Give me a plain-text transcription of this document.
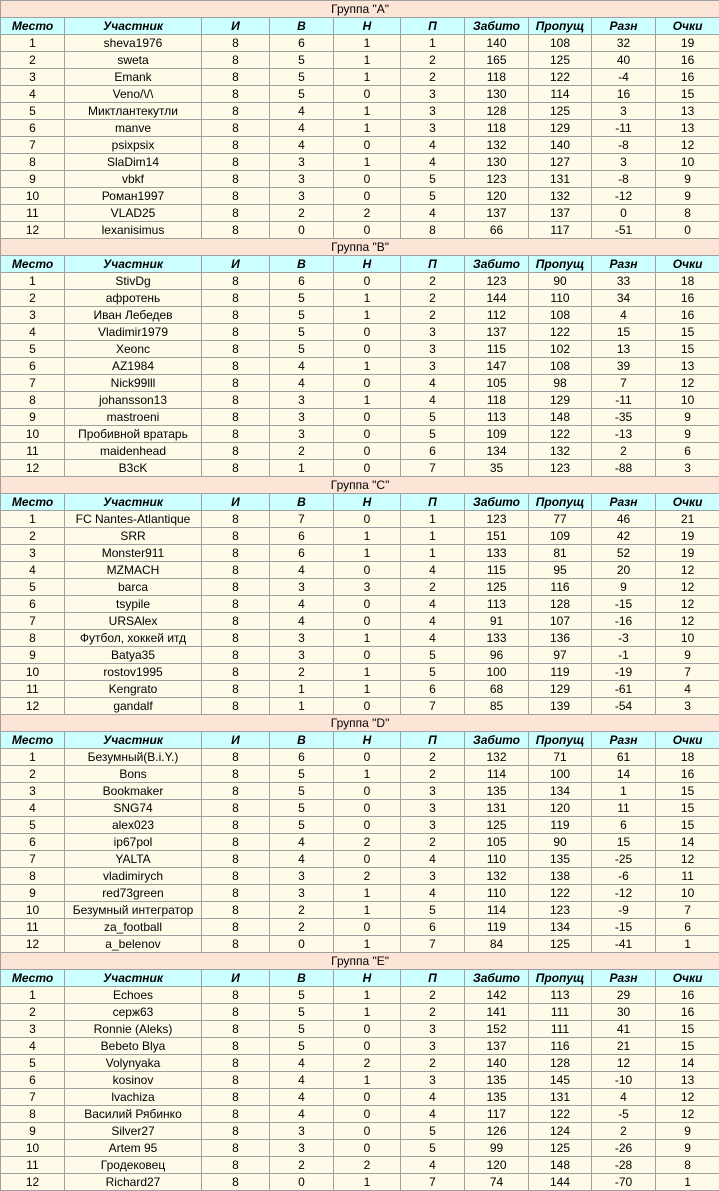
Группа "A"									
Место	Участник	И	В	Н	П	Забито	Пропущ	Разн	Очки
1	sheva1976	8	6	1	1	140	108	32	19
2	sweta	8	5	1	2	165	125	40	16
3	Emank	8	5	1	2	118	122	-4	16
4	Veno/\/\	8	5	0	3	130	114	16	15
5	Миктлантекутли	8	4	1	3	128	125	3	13
6	manve	8	4	1	3	118	129	-11	13
7	psixpsix	8	4	0	4	132	140	-8	12
8	SlaDim14	8	3	1	4	130	127	3	10
9	vbkf	8	3	0	5	123	131	-8	9
10	Роман1997	8	3	0	5	120	132	-12	9
11	VLAD25	8	2	2	4	137	137	0	8
12	lexanisimus	8	0	0	8	66	117	-51	0
Группа "B"									
Место	Участник	И	В	Н	П	Забито	Пропущ	Разн	Очки
1	StivDg	8	6	0	2	123	90	33	18
2	афротень	8	5	1	2	144	110	34	16
3	Иван Лебедев	8	5	1	2	112	108	4	16
4	Vladimir1979	8	5	0	3	137	122	15	15
5	Xeonc	8	5	0	3	115	102	13	15
6	AZ1984	8	4	1	3	147	108	39	13
7	Nick99lll	8	4	0	4	105	98	7	12
8	johansson13	8	3	1	4	118	129	-11	10
9	mastroeni	8	3	0	5	113	148	-35	9
10	Пробивной вратарь	8	3	0	5	109	122	-13	9
11	maidenhead	8	2	0	6	134	132	2	6
12	B3cK	8	1	0	7	35	123	-88	3
Группа "C"									
Место	Участник	И	В	Н	П	Забито	Пропущ	Разн	Очки
1	FC Nantes-Atlantique	8	7	0	1	123	77	46	21
2	SRR	8	6	1	1	151	109	42	19
3	Monster911	8	6	1	1	133	81	52	19
4	MZMACH	8	4	0	4	115	95	20	12
5	barca	8	3	3	2	125	116	9	12
6	tsypile	8	4	0	4	113	128	-15	12
7	URSAlex	8	4	0	4	91	107	-16	12
8	Футбол, хоккей итд	8	3	1	4	133	136	-3	10
9	Batya35	8	3	0	5	96	97	-1	9
10	rostov1995	8	2	1	5	100	119	-19	7
11	Kengrato	8	1	1	6	68	129	-61	4
12	gandalf	8	1	0	7	85	139	-54	3
Группа "D"									
Место	Участник	И	В	Н	П	Забито	Пропущ	Разн	Очки
1	Безумный(B.i.Y.)	8	6	0	2	132	71	61	18
2	Bons	8	5	1	2	114	100	14	16
3	Bookmaker	8	5	0	3	135	134	1	15
4	SNG74	8	5	0	3	131	120	11	15
5	alex023	8	5	0	3	125	119	6	15
6	ip67pol	8	4	2	2	105	90	15	14
7	YALTA	8	4	0	4	110	135	-25	12
8	vladimirych	8	3	2	3	132	138	-6	11
9	red73green	8	3	1	4	110	122	-12	10
10	Безумный интегратор	8	2	1	5	114	123	-9	7
11	za_football	8	2	0	6	119	134	-15	6
12	a_belenov	8	0	1	7	84	125	-41	1
Группа "E"									
Место	Участник	И	В	Н	П	Забито	Пропущ	Разн	Очки
1	Echoes	8	5	1	2	142	113	29	16
2	серж63	8	5	1	2	141	111	30	16
3	Ronnie (Aleks)	8	5	0	3	152	111	41	15
4	Bebeto Blya	8	5	0	3	137	116	21	15
5	Volynyaka	8	4	2	2	140	128	12	14
6	kosinov	8	4	1	3	135	145	-10	13
7	lvachiza	8	4	0	4	135	131	4	12
8	Василий Рябинко	8	4	0	4	117	122	-5	12
9	Silver27	8	3	0	5	126	124	2	9
10	Artem 95	8	3	0	5	99	125	-26	9
11	Гродековец	8	2	2	4	120	148	-28	8
12	Richard27	8	0	1	7	74	144	-70	1
